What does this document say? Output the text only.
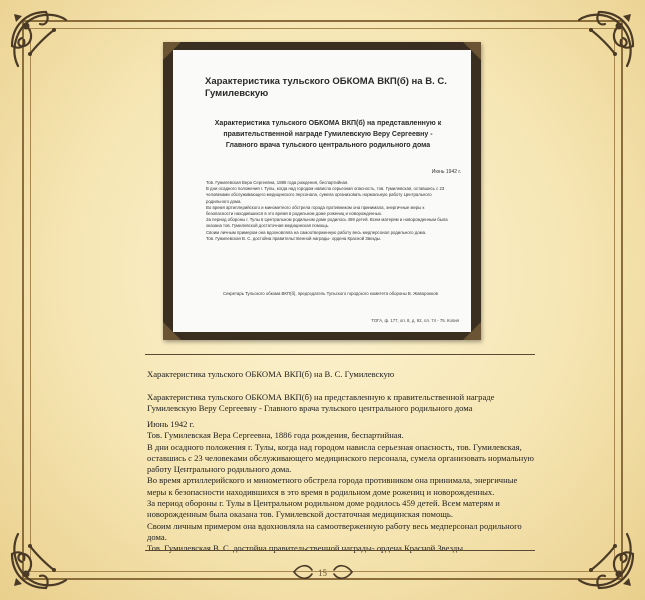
Характеристика тульского ОБКОМА ВКП(б) на В. С. Гумилевскую
Характеристика тульского ОБКОМА ВКП(б) на представленную к правительственной награде Гумилевскую Веру Сергеевну - Главного врача тульского центрального родильного дома
Июнь 1942 г.

Тов. Гумилевская Вера Сергеевна, 1886 года рождения, беспартийная.

В дни осадного положения г. Тулы, когда над городом нависла серьезная опасность, тов. Гумилевская, оставшись с 23 человеками обслуживающего медицинского персонала, сумела организовать нормальную работу Центрального родильного дома.

Во время артиллерийского и минометного обстрела города противником она принимала, энергичные меры к безопасности находившихся в это время в родильном доме рожениц и новорожденных.

За период обороны г. Тулы в Центральном родильном доме родилось 459 детей. Всем матерям и новорожденным была оказана тов. Гумилевской достаточная медицинская помощь.

Своим личным примером она вдохновляла на самоотверженную работу весь медперсонал родильного дома.

Тов. Гумилевская В. С. достойна правительственной награды- ордена Красной Звезды.

Секретарь Тульского обкома ВКП(б), председатель Тульского городского комитета обороны В. Жаворонков
ТОГА, ф. 177, оп. 8, д. 92, лл. 74 - 75. Копия
Характеристика тульского ОБКОМА ВКП(б) на В. С. Гумилевскую
Характеристика тульского ОБКОМА ВКП(б) на представленную к правительственной награде Гумилевскую Веру Сергеевну - Главного врача тульского центрального родильного дома

Июнь 1942 г.

Тов. Гумилевская Вера Сергеевна, 1886 года рождения, беспартийная.

В дни осадного положения г. Тулы, когда над городом нависла серьезная опасность, тов. Гумилевская, оставшись с 23 человеками обслуживающего медицинского персонала, сумела организовать нормальную работу Центрального родильного дома.

Во время артиллерийского и минометного обстрела города противником она принимала, энергичные меры к безопасности находившихся в это время в родильном доме рожениц и новорожденных.

За период обороны г. Тулы в Центральном родильном доме родилось 459 детей. Всем матерям и новорожденным была оказана тов. Гумилевской достаточная медицинская помощь.

Своим личным примером она вдохновляла на самоотверженную работу весь медперсонал родильного дома.

Тов. Гумилевская В. С. достойна правительственной награды- ордена Красной Звезды.

15
